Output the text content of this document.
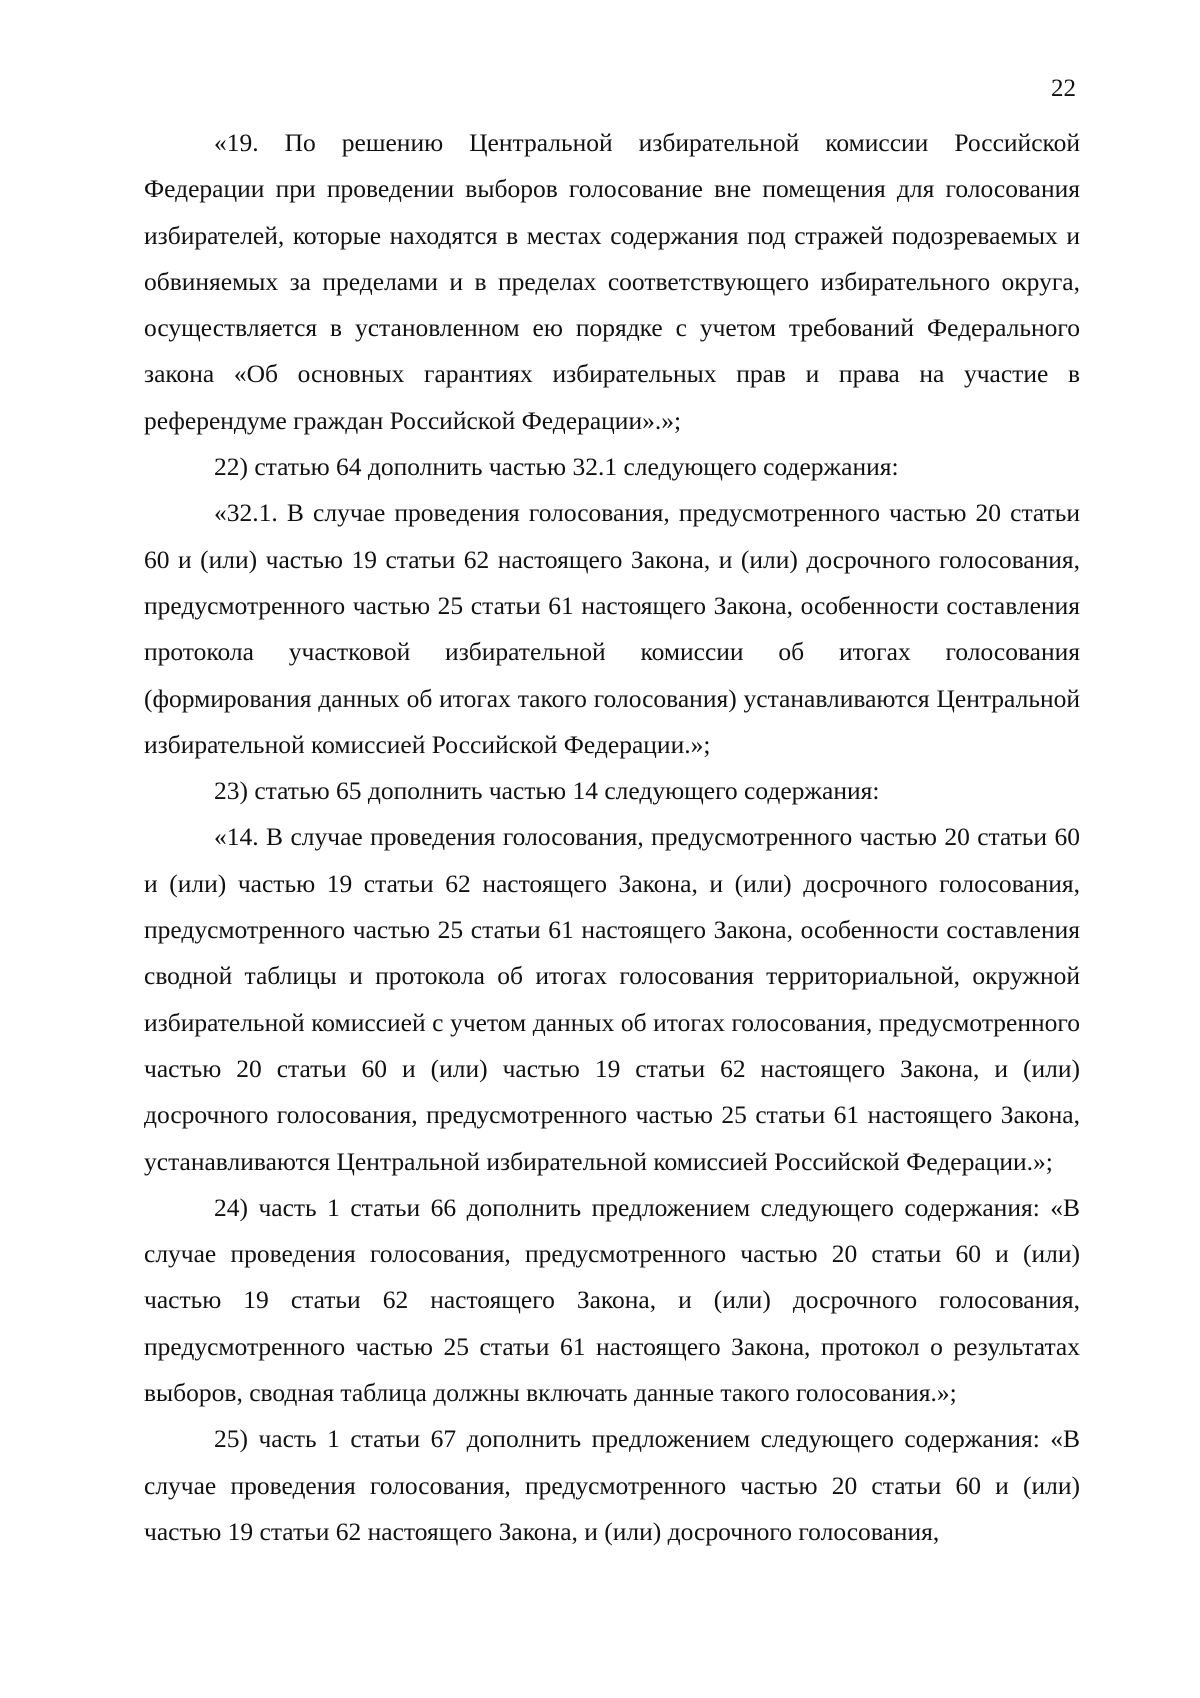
22

«19. По решению Центральной избирательной комиссии Российской Федерации при проведении выборов голосование вне помещения для голосования избирателей, которые находятся в местах содержания под стражей подозреваемых и обвиняемых за пределами и в пределах соответствующего избирательного округа, осуществляется в установленном ею порядке с учетом требований Федерального закона «Об основных гарантиях избирательных прав и права на участие в референдуме граждан Российской Федерации».»;

22) статью 64 дополнить частью 32.1 следующего содержания:

«32.1. В случае проведения голосования, предусмотренного частью 20 статьи 60 и (или) частью 19 статьи 62 настоящего Закона, и (или) досрочного голосования, предусмотренного частью 25 статьи 61 настоящего Закона, особенности составления протокола участковой избирательной комиссии об итогах голосования (формирования данных об итогах такого голосования) устанавливаются Центральной избирательной комиссией Российской Федерации.»;

23) статью 65 дополнить частью 14 следующего содержания:

«14. В случае проведения голосования, предусмотренного частью 20 статьи 60 и (или) частью 19 статьи 62 настоящего Закона, и (или) досрочного голосования, предусмотренного частью 25 статьи 61 настоящего Закона, особенности составления сводной таблицы и протокола об итогах голосования территориальной, окружной избирательной комиссией с учетом данных об итогах голосования, предусмотренного частью 20 статьи 60 и (или) частью 19 статьи 62 настоящего Закона, и (или) досрочного голосования, предусмотренного частью 25 статьи 61 настоящего Закона, устанавливаются Центральной избирательной комиссией Российской Федерации.»;

24) часть 1 статьи 66 дополнить предложением следующего содержания: «В случае проведения голосования, предусмотренного частью 20 статьи 60 и (или) частью 19 статьи 62 настоящего Закона, и (или) досрочного голосования, предусмотренного частью 25 статьи 61 настоящего Закона, протокол о результатах выборов, сводная таблица должны включать данные такого голосования.»;

25) часть 1 статьи 67 дополнить предложением следующего содержания: «В случае проведения голосования, предусмотренного частью 20 статьи 60 и (или) частью 19 статьи 62 настоящего Закона, и (или) досрочного голосования,
